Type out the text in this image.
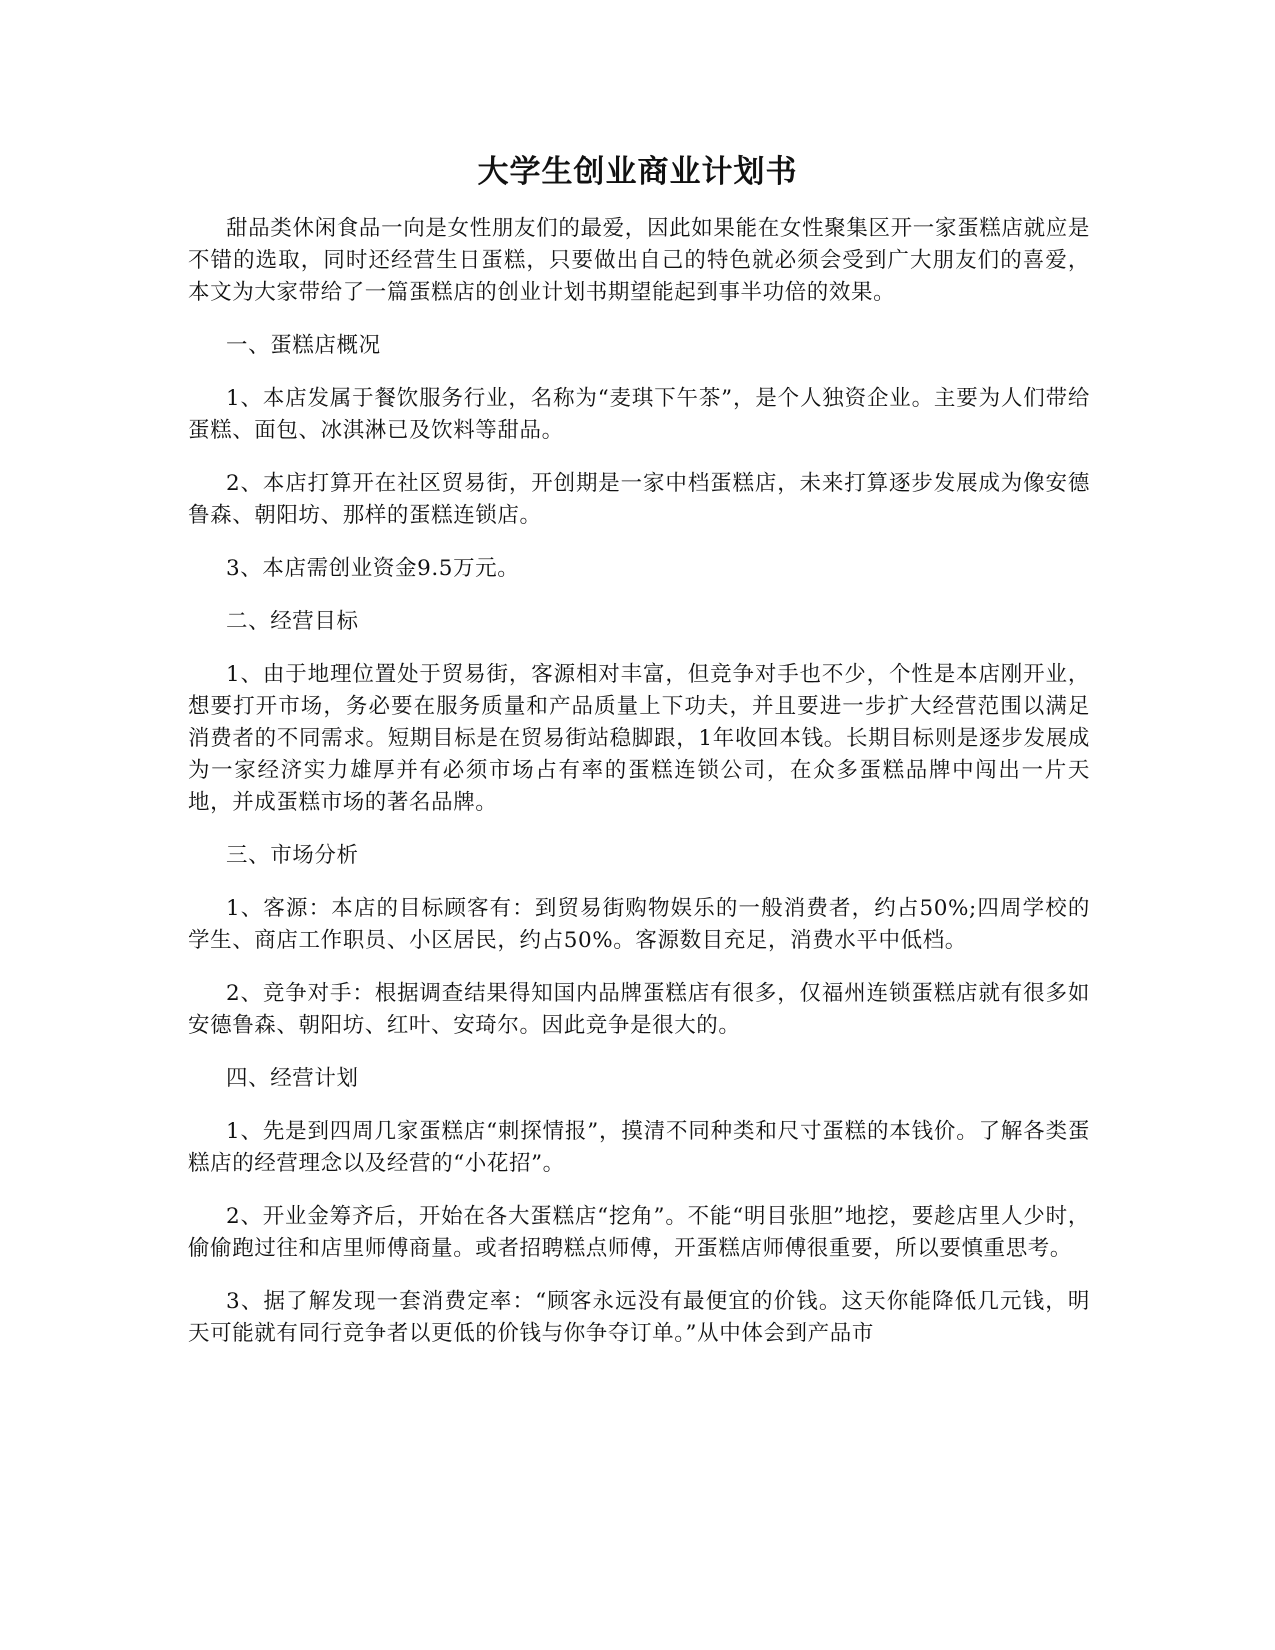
大学生创业商业计划书

甜品类休闲食品一向是女性朋友们的最爱，因此如果能在女性聚集区开一家蛋糕店就应是不错的选取，同时还经营生日蛋糕，只要做出自己的特色就必须会受到广大朋友们的喜爱，本文为大家带给了一篇蛋糕店的创业计划书期望能起到事半功倍的效果。

一、蛋糕店概况

1、本店发属于餐饮服务行业，名称为“麦琪下午茶”，是个人独资企业。主要为人们带给蛋糕、面包、冰淇淋已及饮料等甜品。

2、本店打算开在社区贸易街，开创期是一家中档蛋糕店，未来打算逐步发展成为像安德鲁森、朝阳坊、那样的蛋糕连锁店。

3、本店需创业资金9.5万元。

二、经营目标

1、由于地理位置处于贸易街，客源相对丰富，但竞争对手也不少，个性是本店刚开业，想要打开市场，务必要在服务质量和产品质量上下功夫，并且要进一步扩大经营范围以满足消费者的不同需求。短期目标是在贸易街站稳脚跟，1年收回本钱。长期目标则是逐步发展成为一家经济实力雄厚并有必须市场占有率的蛋糕连锁公司，在众多蛋糕品牌中闯出一片天地，并成蛋糕市场的著名品牌。

三、市场分析

1、客源：本店的目标顾客有：到贸易街购物娱乐的一般消费者，约占50%;四周学校的学生、商店工作职员、小区居民，约占50%。客源数目充足，消费水平中低档。

2、竞争对手：根据调查结果得知国内品牌蛋糕店有很多，仅福州连锁蛋糕店就有很多如安德鲁森、朝阳坊、红叶、安琦尔。因此竞争是很大的。

四、经营计划

1、先是到四周几家蛋糕店“刺探情报”，摸清不同种类和尺寸蛋糕的本钱价。了解各类蛋糕店的经营理念以及经营的“小花招”。

2、开业金筹齐后，开始在各大蛋糕店“挖角”。不能“明目张胆”地挖，要趁店里人少时，偷偷跑过往和店里师傅商量。或者招聘糕点师傅，开蛋糕店师傅很重要，所以要慎重思考。

3、据了解发现一套消费定率：“顾客永远没有最便宜的价钱。这天你能降低几元钱，明天可能就有同行竞争者以更低的价钱与你争夺订单。”从中体会到产品市
